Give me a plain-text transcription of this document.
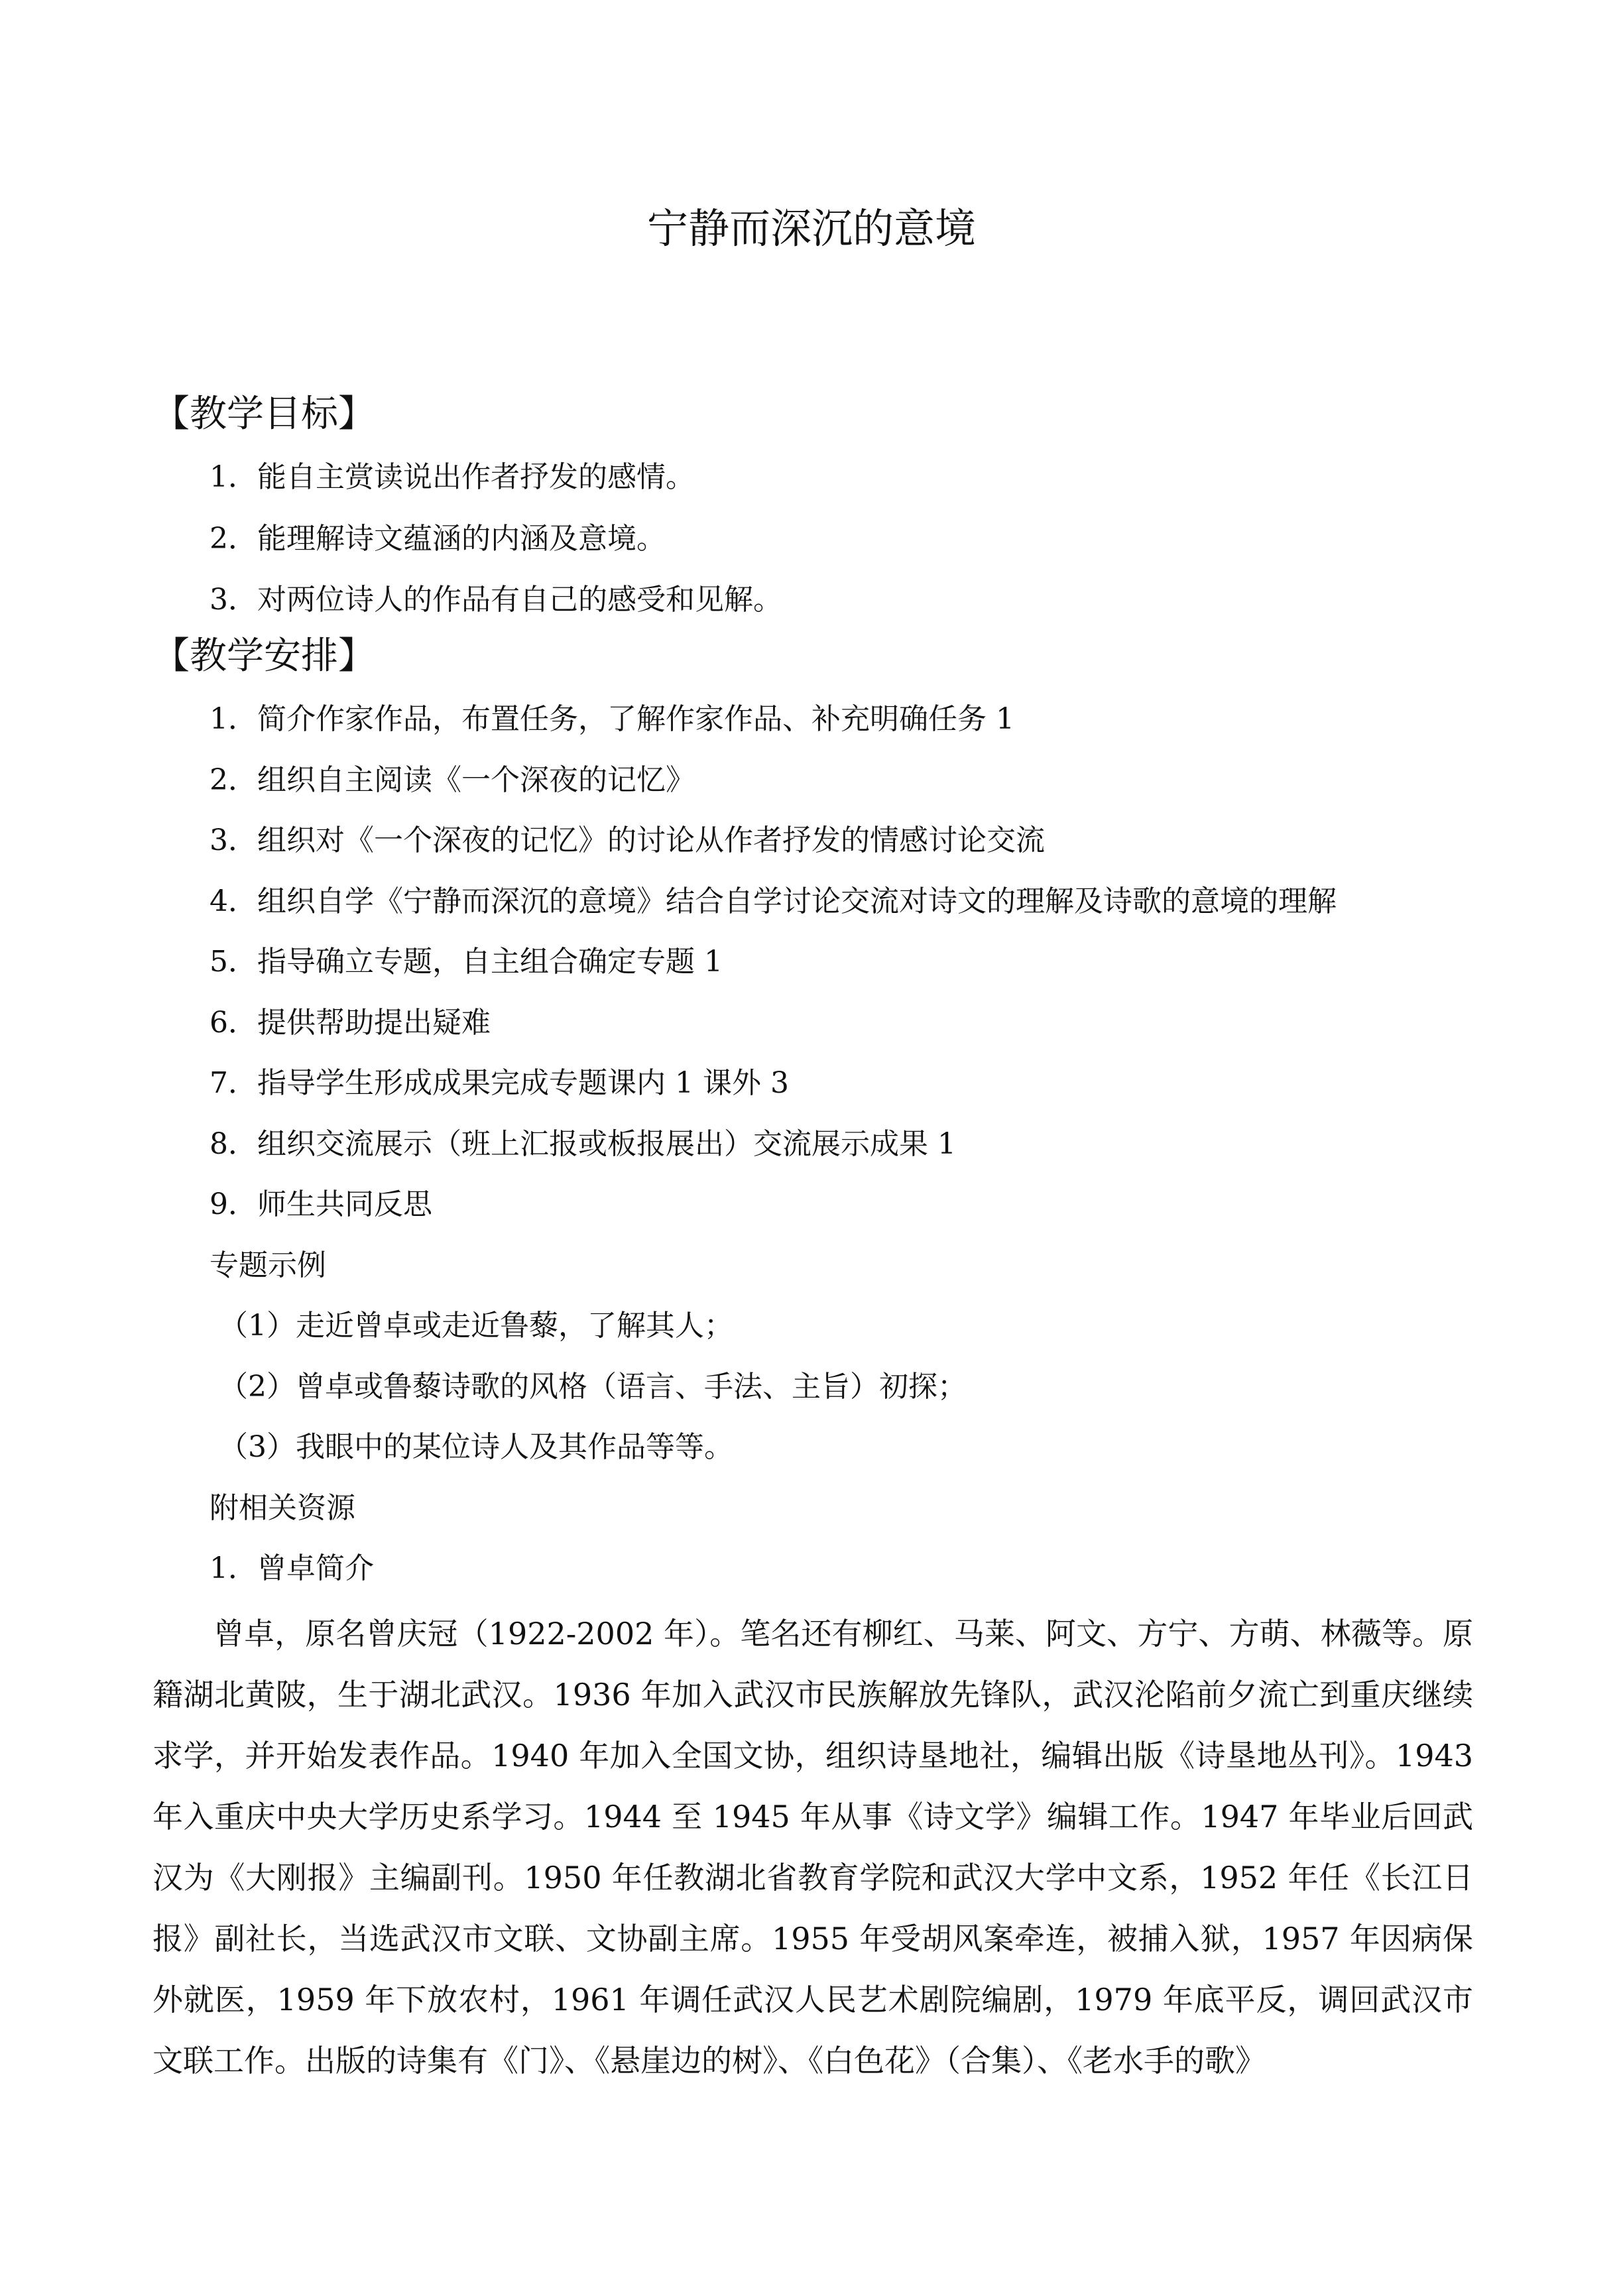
宁静而深沉的意境
【教学目标】

1．能自主赏读说出作者抒发的感情。

2．能理解诗文蕴涵的内涵及意境。

3．对两位诗人的作品有自己的感受和见解。

【教学安排】

1．简介作家作品，布置任务，了解作家作品、补充明确任务 1

2．组织自主阅读《一个深夜的记忆》

3．组织对《一个深夜的记忆》的讨论从作者抒发的情感讨论交流

4．组织自学《宁静而深沉的意境》结合自学讨论交流对诗文的理解及诗歌的意境的理解

5．指导确立专题，自主组合确定专题 1

6．提供帮助提出疑难

7．指导学生形成成果完成专题课内 1 课外 3

8．组织交流展示（班上汇报或板报展出）交流展示成果 1

9．师生共同反思

专题示例

（1）走近曾卓或走近鲁藜，了解其人；

（2）曾卓或鲁藜诗歌的风格（语言、手法、主旨）初探；

（3）我眼中的某位诗人及其作品等等。

附相关资源

1．曾卓简介

曾卓，原名曾庆冠（1922-2002 年）。笔名还有柳红、马莱、阿文、方宁、方萌、林薇等。原籍湖北黄陂，生于湖北武汉。1936 年加入武汉市民族解放先锋队，武汉沦陷前夕流亡到重庆继续求学，并开始发表作品。1940 年加入全国文协，组织诗垦地社，编辑出版《诗垦地丛刊》。1943 年入重庆中央大学历史系学习。1944 至 1945 年从事《诗文学》编辑工作。1947 年毕业后回武汉为《大刚报》主编副刊。1950 年任教湖北省教育学院和武汉大学中文系，1952 年任《长江日报》副社长，当选武汉市文联、文协副主席。1955 年受胡风案牵连，被捕入狱，1957 年因病保外就医，1959 年下放农村，1961 年调任武汉人民艺术剧院编剧，1979 年底平反，调回武汉市文联工作。出版的诗集有《门》、《悬崖边的树》、《白色花》（合集）、《老水手的歌》
